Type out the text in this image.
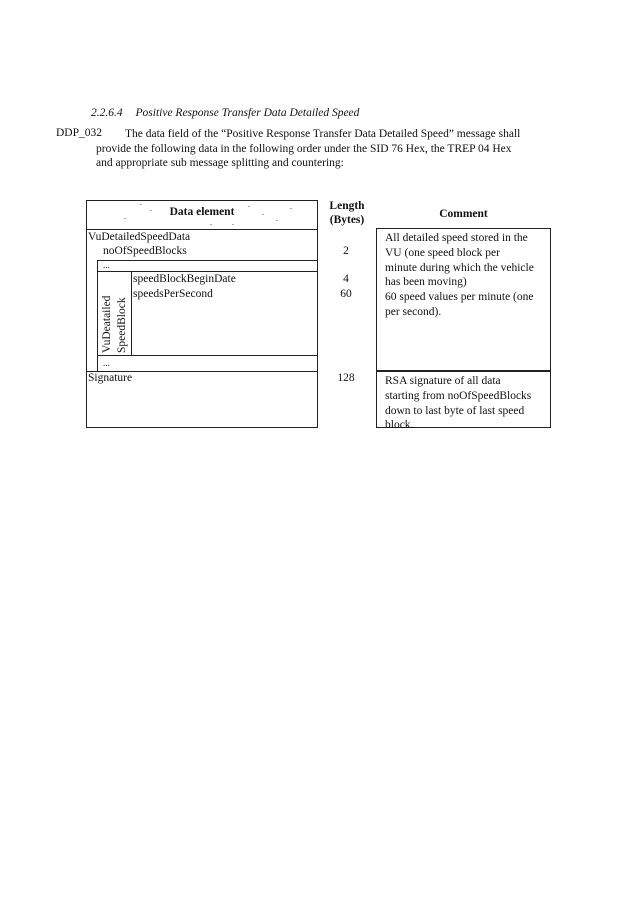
2.2.6.4 Positive Response Transfer Data Detailed Speed
DDP_032 The data field of the “Positive Response Transfer Data Detailed Speed” message shall
provide the following data in the following order under the SID 76 Hex, the TREP 04 Hex
and appropriate sub message splitting and countering:
Data element
VuDetailedSpeedData
noOfSpeedBlocks
...
VuDeatailed SpeedBlock
speedBlockBeginDate
speedsPerSecond
...
Signature
Length
(Bytes)
2
4
60
128
Comment
All detailed speed stored in the
VU (one speed block per
minute during which the vehicle
has been moving)
60 speed values per minute (one
per second).
RSA signature of all data
starting from noOfSpeedBlocks
down to last byte of last speed
block.
